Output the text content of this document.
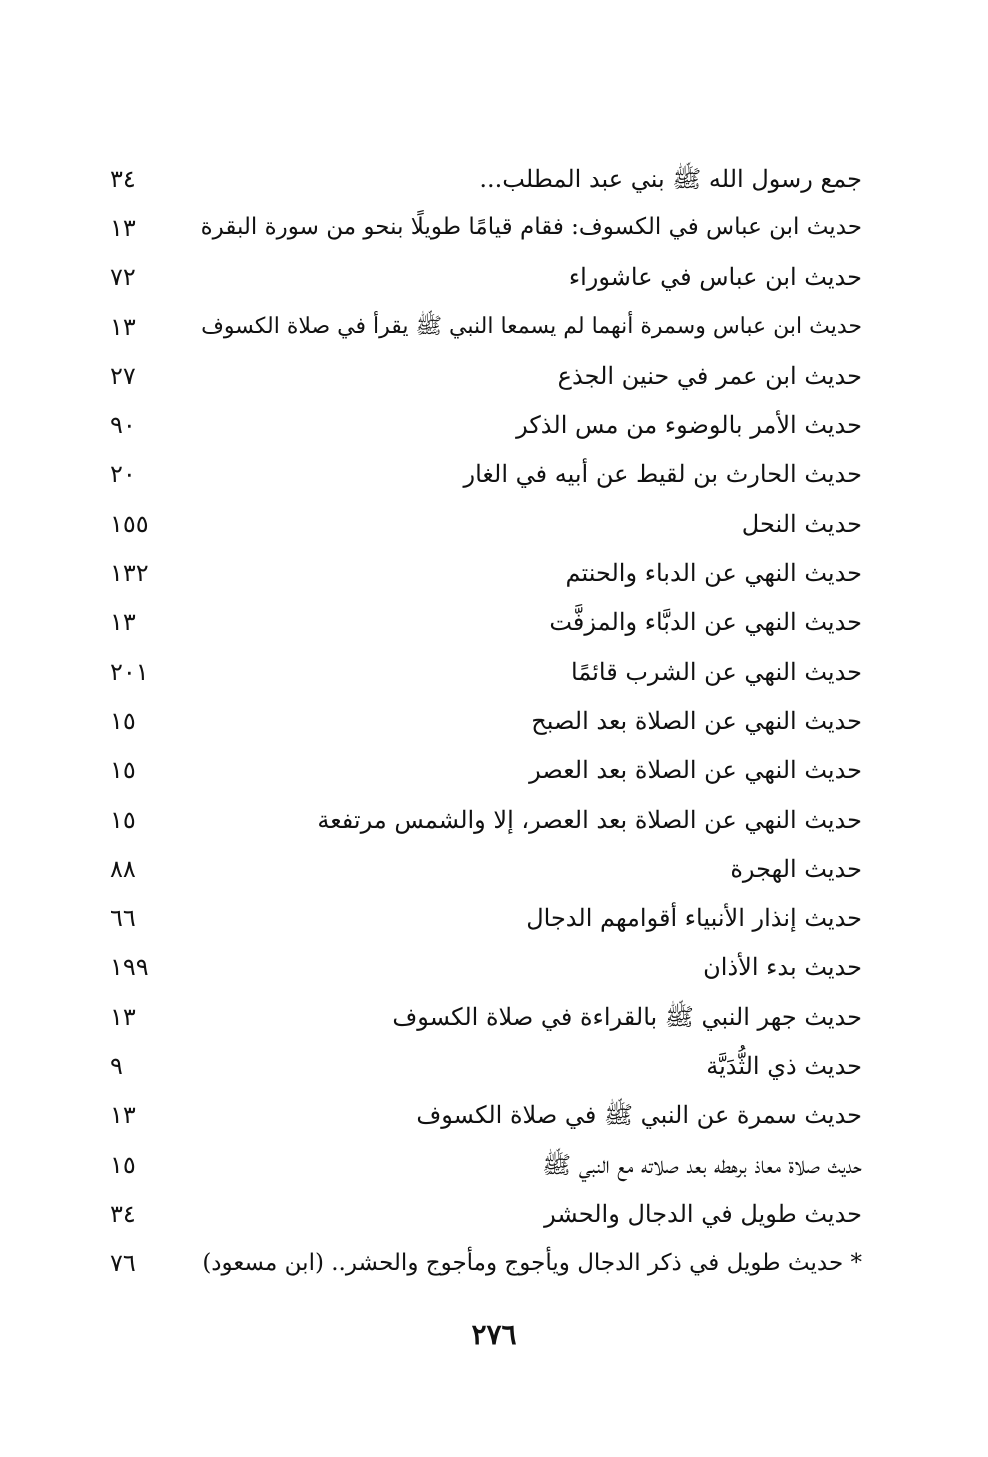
جمع رسول الله ﷺ بني عبد المطلب...
٣٤
حديث ابن عباس في الكسوف: فقام قيامًا طويلًا بنحو من سورة البقرة
١٣
حديث ابن عباس في عاشوراء
٧٢
حديث ابن عباس وسمرة أنهما لم يسمعا النبي ﷺ يقرأ في صلاة الكسوف
١٣
حديث ابن عمر في حنين الجذع
٢٧
حديث الأمر بالوضوء من مس الذكر
٩٠
حديث الحارث بن لقيط عن أبيه في الغار
٢٠
حديث النحل
١٥٥
حديث النهي عن الدباء والحنتم
١٣٢
حديث النهي عن الدبَّاء والمزفَّت
١٣
حديث النهي عن الشرب قائمًا
٢٠١
حديث النهي عن الصلاة بعد الصبح
١٥
حديث النهي عن الصلاة بعد العصر
١٥
حديث النهي عن الصلاة بعد العصر، إلا والشمس مرتفعة
١٥
حديث الهجرة
٨٨
حديث إنذار الأنبياء أقوامهم الدجال
٦٦
حديث بدء الأذان
١٩٩
حديث جهر النبي ﷺ بالقراءة في صلاة الكسوف
١٣
حديث ذي الثُّدَيَّة
٩
حديث سمرة عن النبي ﷺ في صلاة الكسوف
١٣
حديث صلاة معاذ برهطه بعد صلاته مع النبي ﷺ
١٥
حديث طويل في الدجال والحشر
٣٤
* حديث طويل في ذكر الدجال ويأجوج ومأجوج والحشر.. (ابن مسعود)
٧٦
٢٧٦
